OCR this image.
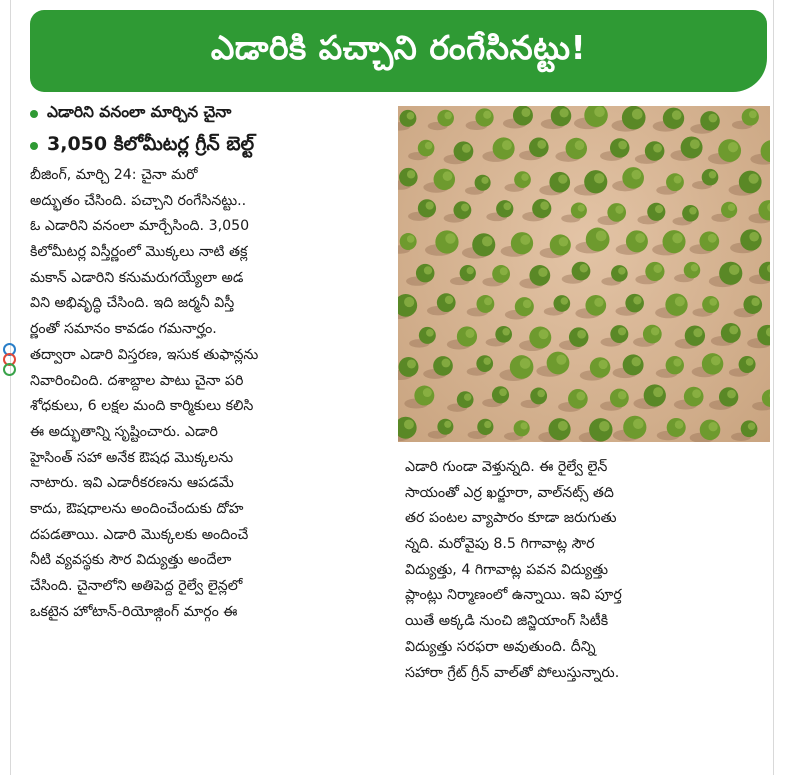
ఎడారికి పచ్చాని రంగేసినట్టు!
ఎడారిని వనంలా మార్చిన చైనా
3,050 కిలోమీటర్ల గ్రీన్ బెల్ట్
బీజింగ్, మార్చి 24: చైనా మరో
అద్భుతం చేసింది. పచ్చాని రంగేసినట్టు..
ఓ ఎడారిని వనంలా మార్చేసింది. 3,050
కిలోమీటర్ల విస్తీర్ణంలో మొక్కలు నాటి తక్ల
మకాన్ ఎడారిని కనుమరుగయ్యేలా అడ
విని అభివృద్ధి చేసింది. ఇది జర్మనీ విస్తీ
ర్ణంతో సమానం కావడం గమనార్హం.
తద్వారా ఎడారి విస్తరణ, ఇసుక తుఫాన్లను
నివారించింది. దశాబ్దాల పాటు చైనా పరి
శోధకులు, 6 లక్షల మంది కార్మికులు కలిసి
ఈ అద్భుతాన్ని సృష్టించారు. ఎడారి
హైసింత్ సహా అనేక ఔషధ మొక్కలను
నాటారు. ఇవి ఎడారీకరణను ఆపడమే
కాదు, ఔషధాలను అందించేందుకు దోహ
దపడతాయి. ఎడారి మొక్కలకు అందించే
నీటి వ్యవస్థకు సౌర విద్యుత్తు అందేలా
చేసింది. చైనాలోని అతిపెద్ద రైల్వే లైన్లలో
ఒకటైన హోటాన్-రియోజ్గింగ్ మార్గం ఈ
ఎడారి గుండా వెళ్తున్నది. ఈ రైల్వే లైన్
సాయంతో ఎర్ర ఖర్జూరా, వాల్‌నట్స్ తది
తర పంటల వ్యాపారం కూడా జరుగుతు
న్నది. మరోవైపు 8.5 గిగావాట్ల సౌర
విద్యుత్తు, 4 గిగావాట్ల పవన విద్యుత్తు
ప్లాంట్లు నిర్మాణంలో ఉన్నాయి. ఇవి పూర్త
యితే అక్కడి నుంచి జిన్జియాంగ్ సిటీకి
విద్యుత్తు సరఫరా అవుతుంది. దీన్ని
సహారా గ్రేట్ గ్రీన్ వాల్‌తో పోలుస్తున్నారు.
